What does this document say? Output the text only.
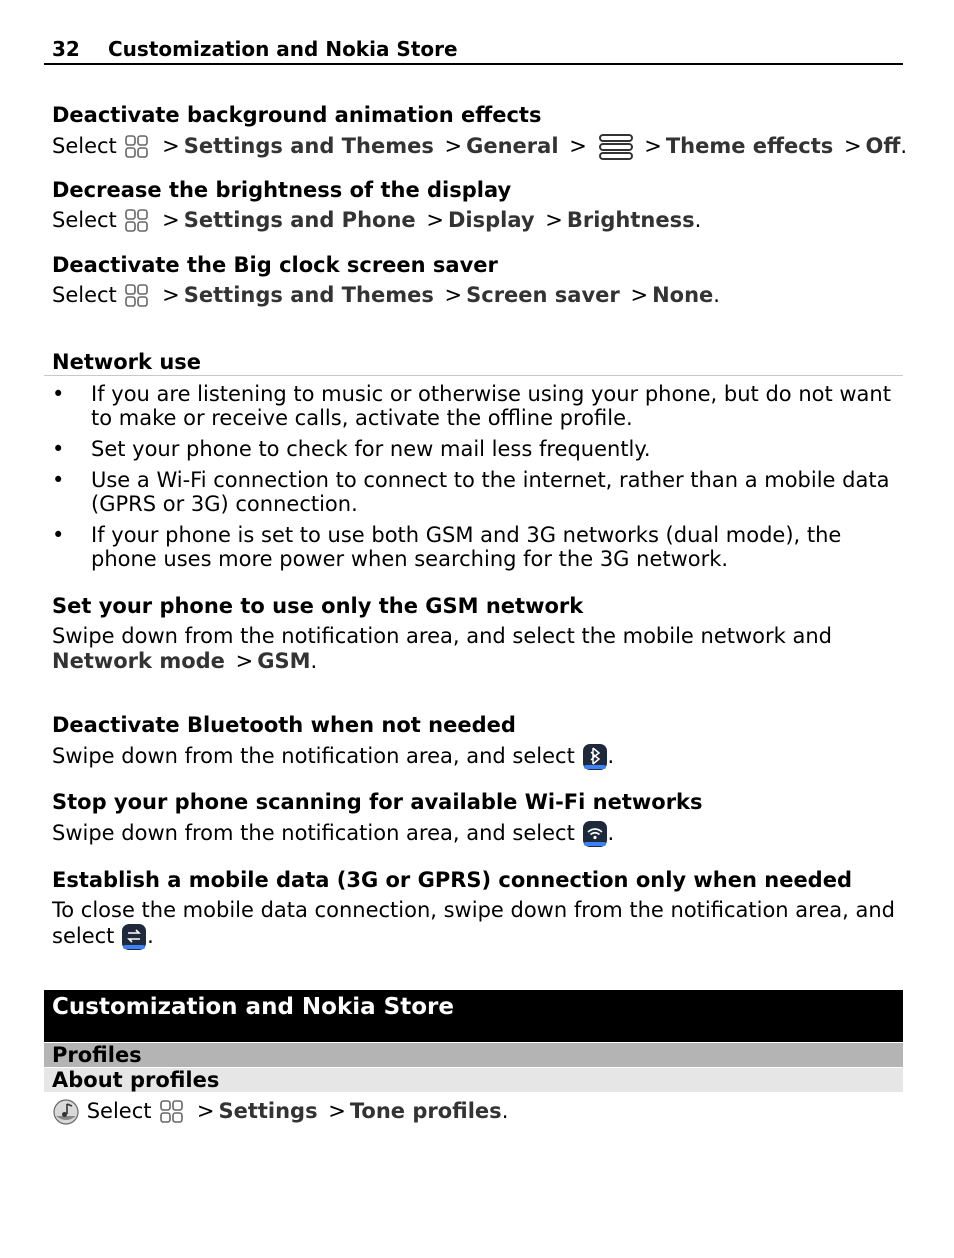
32 Customization and Nokia Store
Deactivate background animation effects
Select > Settings and Themes > General >	> Theme effects > Off.
Decrease the brightness of the display
Select > Settings and Phone > Display > Brightness.
Deactivate the Big clock screen saver
Select > Settings and Themes > Screen saver > None.
Network use
• If you are listening to music or otherwise using your phone, but do not want to make or receive calls, activate the offline profile.
• Set your phone to check for new mail less frequently.
• Use a Wi-Fi connection to connect to the internet, rather than a mobile data (GPRS or 3G) connection.
• If your phone is set to use both GSM and 3G networks (dual mode), the phone uses more power when searching for the 3G network.
Set your phone to use only the GSM network
Swipe down from the notification area, and select the mobile network and Network mode > GSM.
Deactivate Bluetooth when not needed
Swipe down from the notification area, and select .
Stop your phone scanning for available Wi-Fi networks
Swipe down from the notification area, and select .
Establish a mobile data (3G or GPRS) connection only when needed
To close the mobile data connection, swipe down from the notification area, and select .
Customization and Nokia Store
Profiles
About profiles
Select > Settings > Tone profiles.
